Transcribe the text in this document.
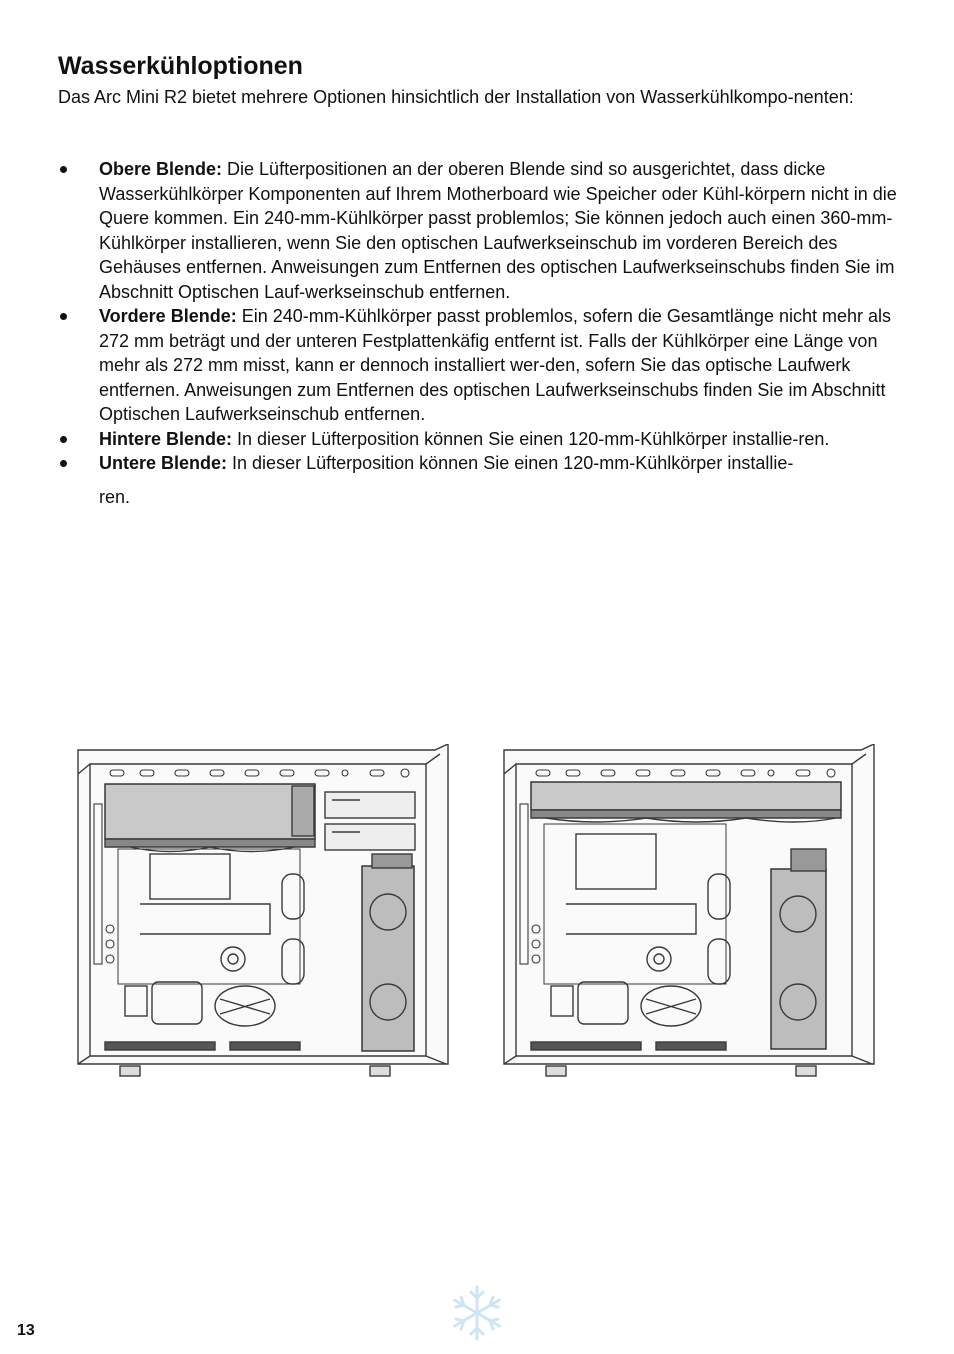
Wasserkühloptionen

Das Arc Mini R2 bietet mehrere Optionen hinsichtlich der Installation von Wasserkühlkompo-nenten:

Obere Blende: Die Lüfterpositionen an der oberen Blende sind so ausgerichtet, dass dicke Wasserkühlkörper Komponenten auf Ihrem Motherboard wie Speicher oder Kühl-körpern nicht in die Quere kommen. Ein 240-mm-Kühlkörper passt problemlos; Sie können jedoch auch einen 360-mm-Kühlkörper installieren, wenn Sie den optischen Laufwerkseinschub im vorderen Bereich des Gehäuses entfernen. Anweisungen zum Entfernen des optischen Laufwerkseinschubs finden Sie im Abschnitt Optischen Lauf-werkseinschub entfernen.
Vordere Blende: Ein 240-mm-Kühlkörper passt problemlos, sofern die Gesamtlänge nicht mehr als 272 mm beträgt und der unteren Festplattenkäfig entfernt ist. Falls der Kühlkörper eine Länge von mehr als 272 mm misst, kann er dennoch installiert wer-den, sofern Sie das optische Laufwerk entfernen. Anweisungen zum Entfernen des optischen Laufwerkseinschubs finden Sie im Abschnitt Optischen Laufwerkseinschub entfernen.
Hintere Blende: In dieser Lüfterposition können Sie einen 120-mm-Kühlkörper installie-ren.
Untere Blende: In dieser Lüfterposition können Sie einen 120-mm-Kühlkörper installie-
ren.
13
